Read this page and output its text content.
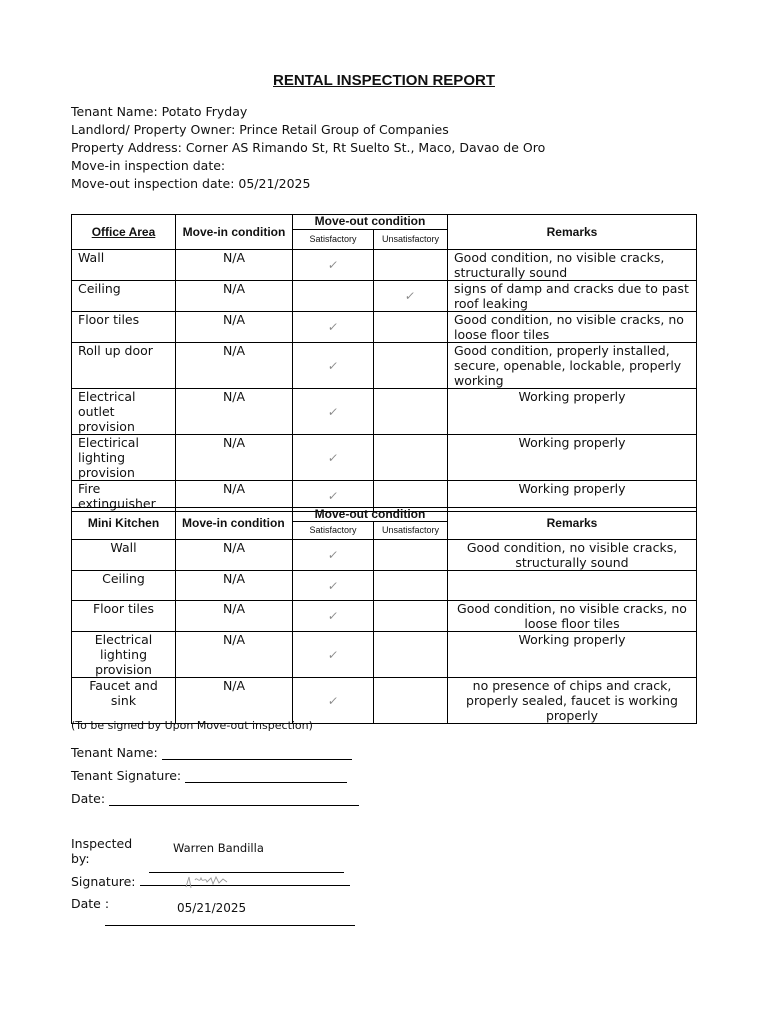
RENTAL INSPECTION REPORT
Tenant Name: Potato Fryday
Landlord/ Property Owner: Prince Retail Group of Companies
Property Address: Corner AS Rimando St, Rt Suelto St., Maco, Davao de Oro
Move-in inspection date:
Move-out inspection date: 05/21/2025
Office Area	Move-in condition	Move-out condition		Remarks
		Satisfactory	Unsatisfactory	
Wall	N/A	✓		Good condition, no visible cracks, structurally sound
Ceiling	N/A		✓	signs of damp and cracks due to past roof leaking
Floor tiles	N/A	✓		Good condition, no visible cracks, no loose floor tiles
Roll up door	N/A	✓		Good condition, properly installed, secure, openable, lockable, properly working
Electrical outlet provision	N/A	✓		Working properly
Electirical lighting provision	N/A	✓		Working properly
Fire extinguisher	N/A	✓		Working properly
Mini Kitchen	Move-in condition	Move-out condition		Remarks
		Satisfactory	Unsatisfactory	
Wall	N/A	✓		Good condition, no visible cracks, structurally sound
Ceiling	N/A	✓		
Floor tiles	N/A	✓		Good condition, no visible cracks, no loose floor tiles
Electrical lighting provision	N/A	✓		Working properly
Faucet and sink	N/A	✓		no presence of chips and crack, properly sealed, faucet is working properly
(To be signed by Upon Move-out inspection)
Tenant Name:
Tenant Signature:
Date:
Inspected by:
Warren Bandilla
Signature:
Date :	05/21/2025
